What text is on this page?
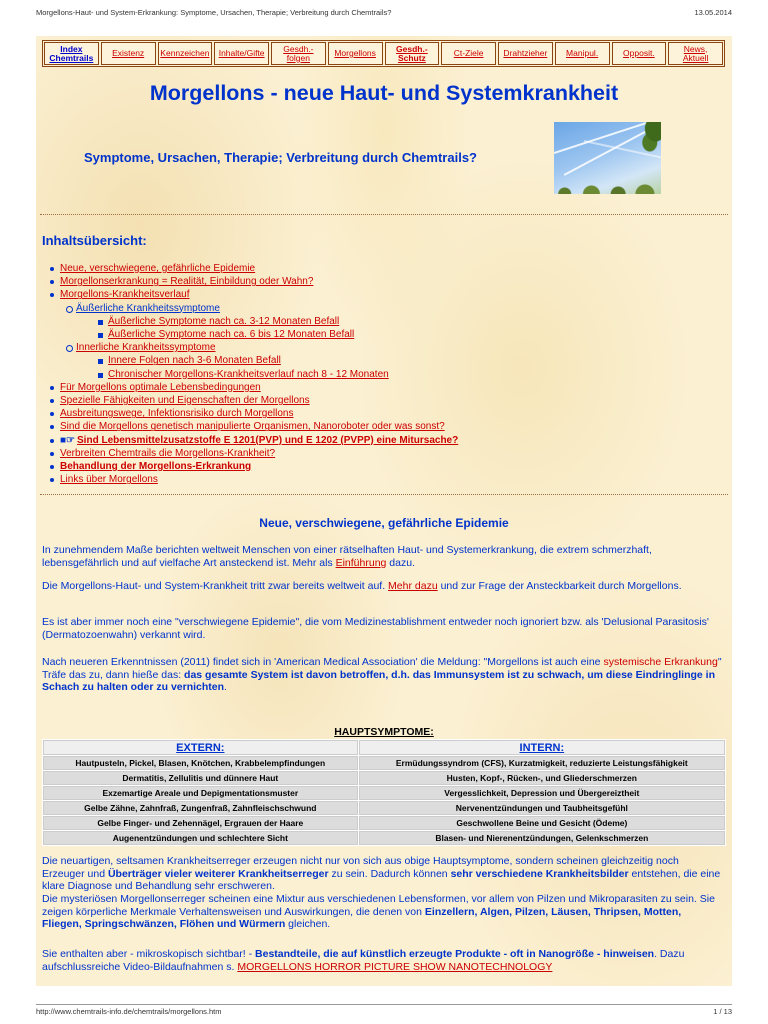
Morgellons-Haut- und System-Erkrankung: Symptome, Ursachen, Therapie; Verbreitung durch Chemtrails?	13.05.2014
Index
Chemtrails	Existenz	Kennzeichen	Inhalte/Gifte	Gesdh.-
folgen	Morgellons	Gesdh.-
Schutz	Ct-Ziele	Drahtzieher	Manipul.	Opposit.	News,
Aktuell
Morgellons - neue Haut- und Systemkrankheit
Symptome, Ursachen, Therapie; Verbreitung durch Chemtrails?
Inhaltsübersicht:
Neue, verschwiegene, gefährliche Epidemie
Morgellonserkrankung = Realität, Einbildung oder Wahn?
Morgellons-Krankheitsverlauf
Äußerliche Krankheitssymptome
Äußerliche Symptome nach ca. 3-12 Monaten Befall
Äußerliche Symptome nach ca. 6 bis 12 Monaten Befall
Innerliche Krankheitssymptome
Innere Folgen nach 3-6 Monaten Befall
Chronischer Morgellons-Krankheitsverlauf nach 8 - 12 Monaten
Für Morgellons optimale Lebensbedingungen
Spezielle Fähigkeiten und Eigenschaften der Morgellons
Ausbreitungswege, Infektionsrisiko durch Morgellons
Sind die Morgellons genetisch manipulierte Organismen, Nanoroboter oder was sonst?
■☞ Sind Lebensmittelzusatzstoffe E 1201(PVP) und E 1202 (PVPP) eine Mitursache?
Verbreiten Chemtrails die Morgellons-Krankheit?
Behandlung der Morgellons-Erkrankung
Links über Morgellons
Neue, verschwiegene, gefährliche Epidemie

In zunehmendem Maße berichten weltweit Menschen von einer rätselhaften Haut- und Systemerkrankung, die extrem schmerzhaft, lebensgefährlich und auf vielfache Art ansteckend ist. Mehr als Einführung dazu.

Die Morgellons-Haut- und System-Krankheit tritt zwar bereits weltweit auf. Mehr dazu und zur Frage der Ansteckbarkeit durch Morgellons.

Es ist aber immer noch eine "verschwiegene Epidemie", die vom Medizinestablishment entweder noch ignoriert bzw. als 'Delusional Parasitosis' (Dermatozoenwahn) verkannt wird.

Nach neueren Erkenntnissen (2011) findet sich in 'American Medical Association' die Meldung: "Morgellons ist auch eine systemische Erkrankung" Träfe das zu, dann hieße das: das gesamte System ist davon betroffen, d.h. das Immunsystem ist zu schwach, um diese Eindringlinge in Schach zu halten oder zu vernichten.

HAUPTSYMPTOME:
EXTERN:	INTERN:
Hautpusteln, Pickel, Blasen, Knötchen, Krabbelempfindungen	Ermüdungssyndrom (CFS), Kurzatmigkeit, reduzierte Leistungsfähigkeit
Dermatitis, Zellulitis und dünnere Haut	Husten, Kopf-, Rücken-, und Gliederschmerzen
Exzemartige Areale und Depigmentationsmuster	Vergesslichkeit, Depression und Übergereiztheit
Gelbe Zähne, Zahnfraß, Zungenfraß, Zahnfleischschwund	Nervenentzündungen und Taubheitsgefühl
Gelbe Finger- und Zehennägel, Ergrauen der Haare	Geschwollene Beine und Gesicht (Ödeme)
Augenentzündungen und schlechtere Sicht	Blasen- und Nierenentzündungen, Gelenkschmerzen

Die neuartigen, seltsamen Krankheitserreger erzeugen nicht nur von sich aus obige Hauptsymptome, sondern scheinen gleichzeitig noch Erzeuger und Überträger vieler weiterer Krankheitserreger zu sein. Dadurch können sehr verschiedene Krankheitsbilder entstehen, die eine klare Diagnose und Behandlung sehr erschweren.

Die mysteriösen Morgellonserreger scheinen eine Mixtur aus verschiedenen Lebensformen, vor allem von Pilzen und Mikroparasiten zu sein. Sie zeigen körperliche Merkmale Verhaltensweisen und Auswirkungen, die denen von Einzellern, Algen, Pilzen, Läusen, Thripsen, Motten, Fliegen, Springschwänzen, Flöhen und Würmern gleichen.

Sie enthalten aber - mikroskopisch sichtbar! - Bestandteile, die auf künstlich erzeugte Produkte - oft in Nanogröße - hinweisen. Dazu aufschlussreiche Video-Bildaufnahmen s. MORGELLONS HORROR PICTURE SHOW NANOTECHNOLOGY

http://www.chemtrails-info.de/chemtrails/morgellons.htm	1 / 13
